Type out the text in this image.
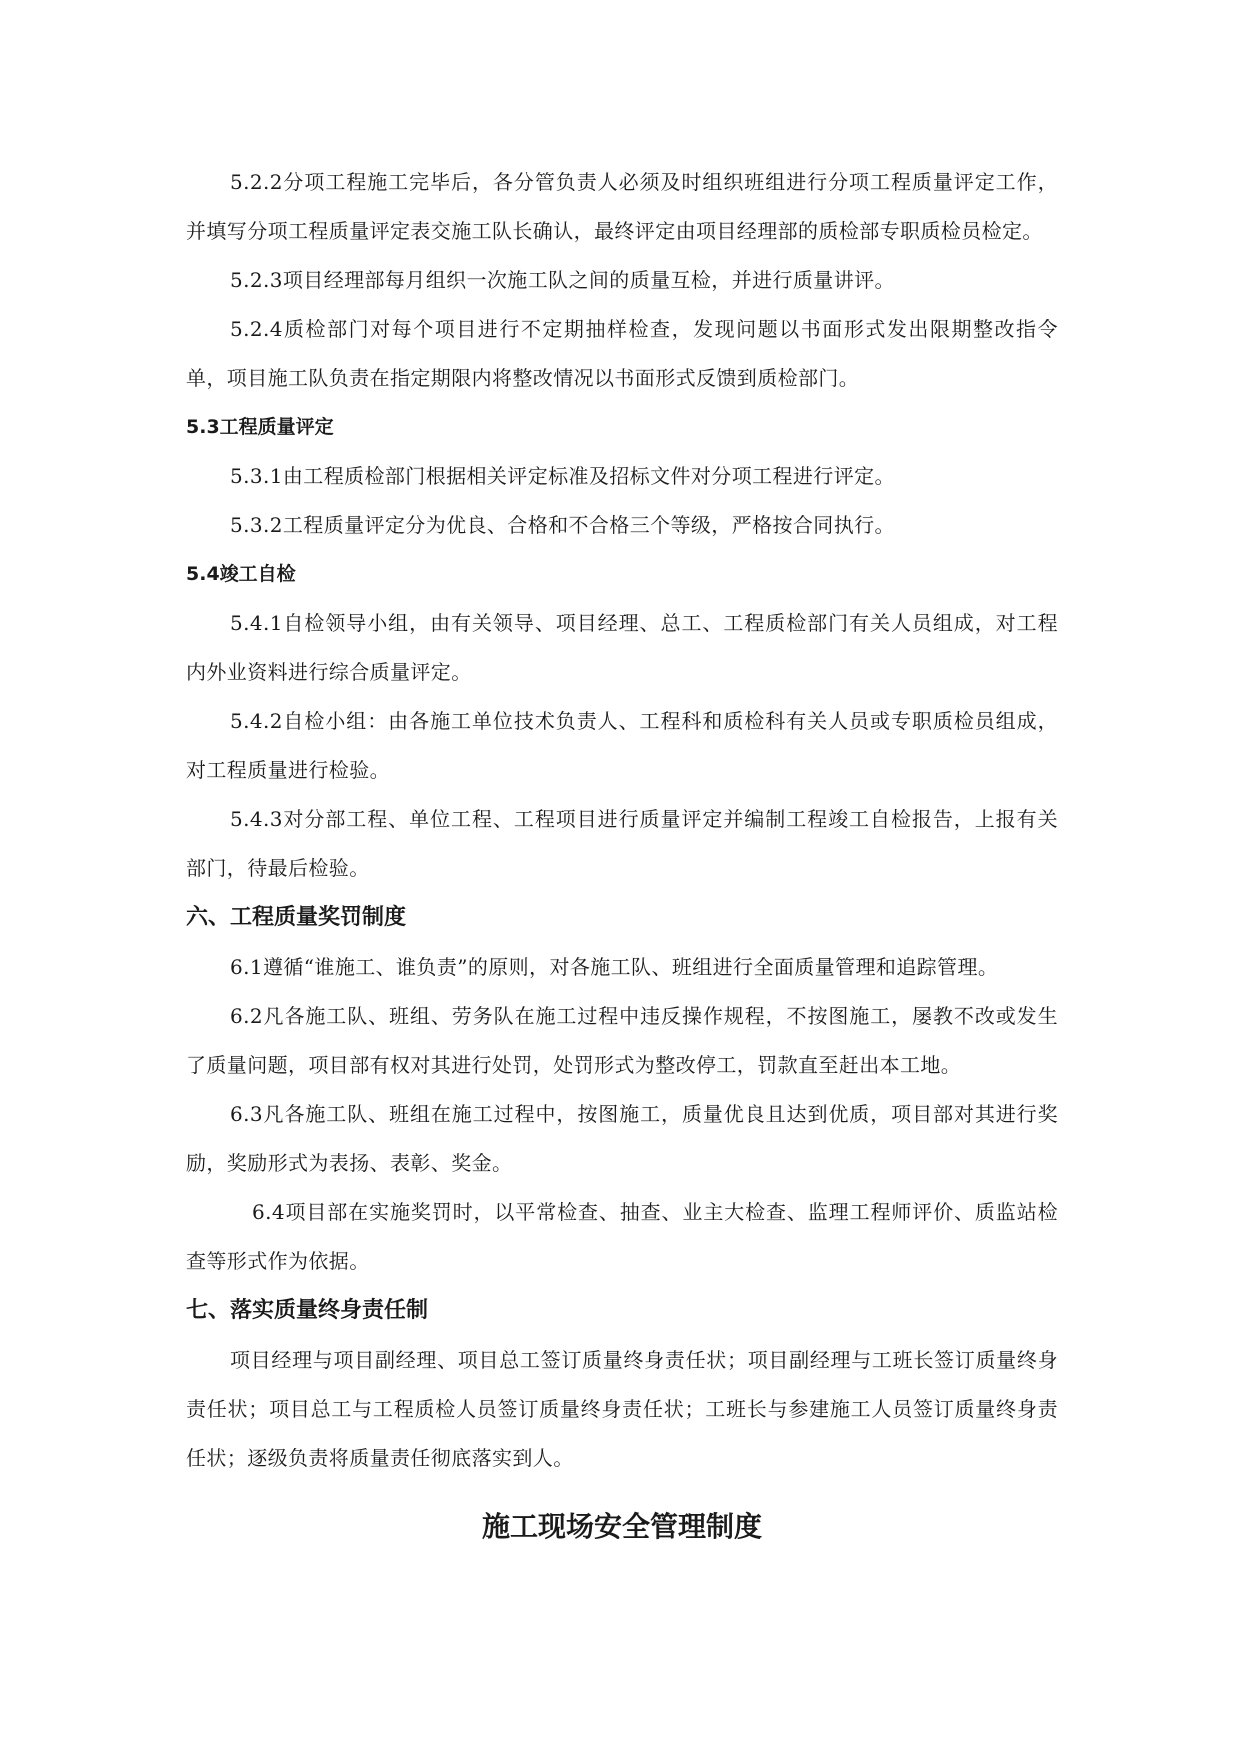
5.2.2分项工程施工完毕后，各分管负责人必须及时组织班组进行分项工程质量评定工作，并填写分项工程质量评定表交施工队长确认，最终评定由项目经理部的质检部专职质检员检定。

5.2.3项目经理部每月组织一次施工队之间的质量互检，并进行质量讲评。

5.2.4质检部门对每个项目进行不定期抽样检查，发现问题以书面形式发出限期整改指令单，项目施工队负责在指定期限内将整改情况以书面形式反馈到质检部门。

5.3工程质量评定

5.3.1由工程质检部门根据相关评定标准及招标文件对分项工程进行评定。

5.3.2工程质量评定分为优良、合格和不合格三个等级，严格按合同执行。

5.4竣工自检

5.4.1自检领导小组，由有关领导、项目经理、总工、工程质检部门有关人员组成，对工程内外业资料进行综合质量评定。

5.4.2自检小组：由各施工单位技术负责人、工程科和质检科有关人员或专职质检员组成，对工程质量进行检验。

5.4.3对分部工程、单位工程、工程项目进行质量评定并编制工程竣工自检报告，上报有关部门，待最后检验。

六、工程质量奖罚制度

6.1遵循“谁施工、谁负责”的原则，对各施工队、班组进行全面质量管理和追踪管理。

6.2凡各施工队、班组、劳务队在施工过程中违反操作规程，不按图施工，屡教不改或发生了质量问题，项目部有权对其进行处罚，处罚形式为整改停工，罚款直至赶出本工地。

6.3凡各施工队、班组在施工过程中，按图施工，质量优良且达到优质，项目部对其进行奖励，奖励形式为表扬、表彰、奖金。

6.4项目部在实施奖罚时，以平常检查、抽查、业主大检查、监理工程师评价、质监站检查等形式作为依据。

七、落实质量终身责任制

项目经理与项目副经理、项目总工签订质量终身责任状；项目副经理与工班长签订质量终身责任状；项目总工与工程质检人员签订质量终身责任状；工班长与参建施工人员签订质量终身责任状；逐级负责将质量责任彻底落实到人。

施工现场安全管理制度
